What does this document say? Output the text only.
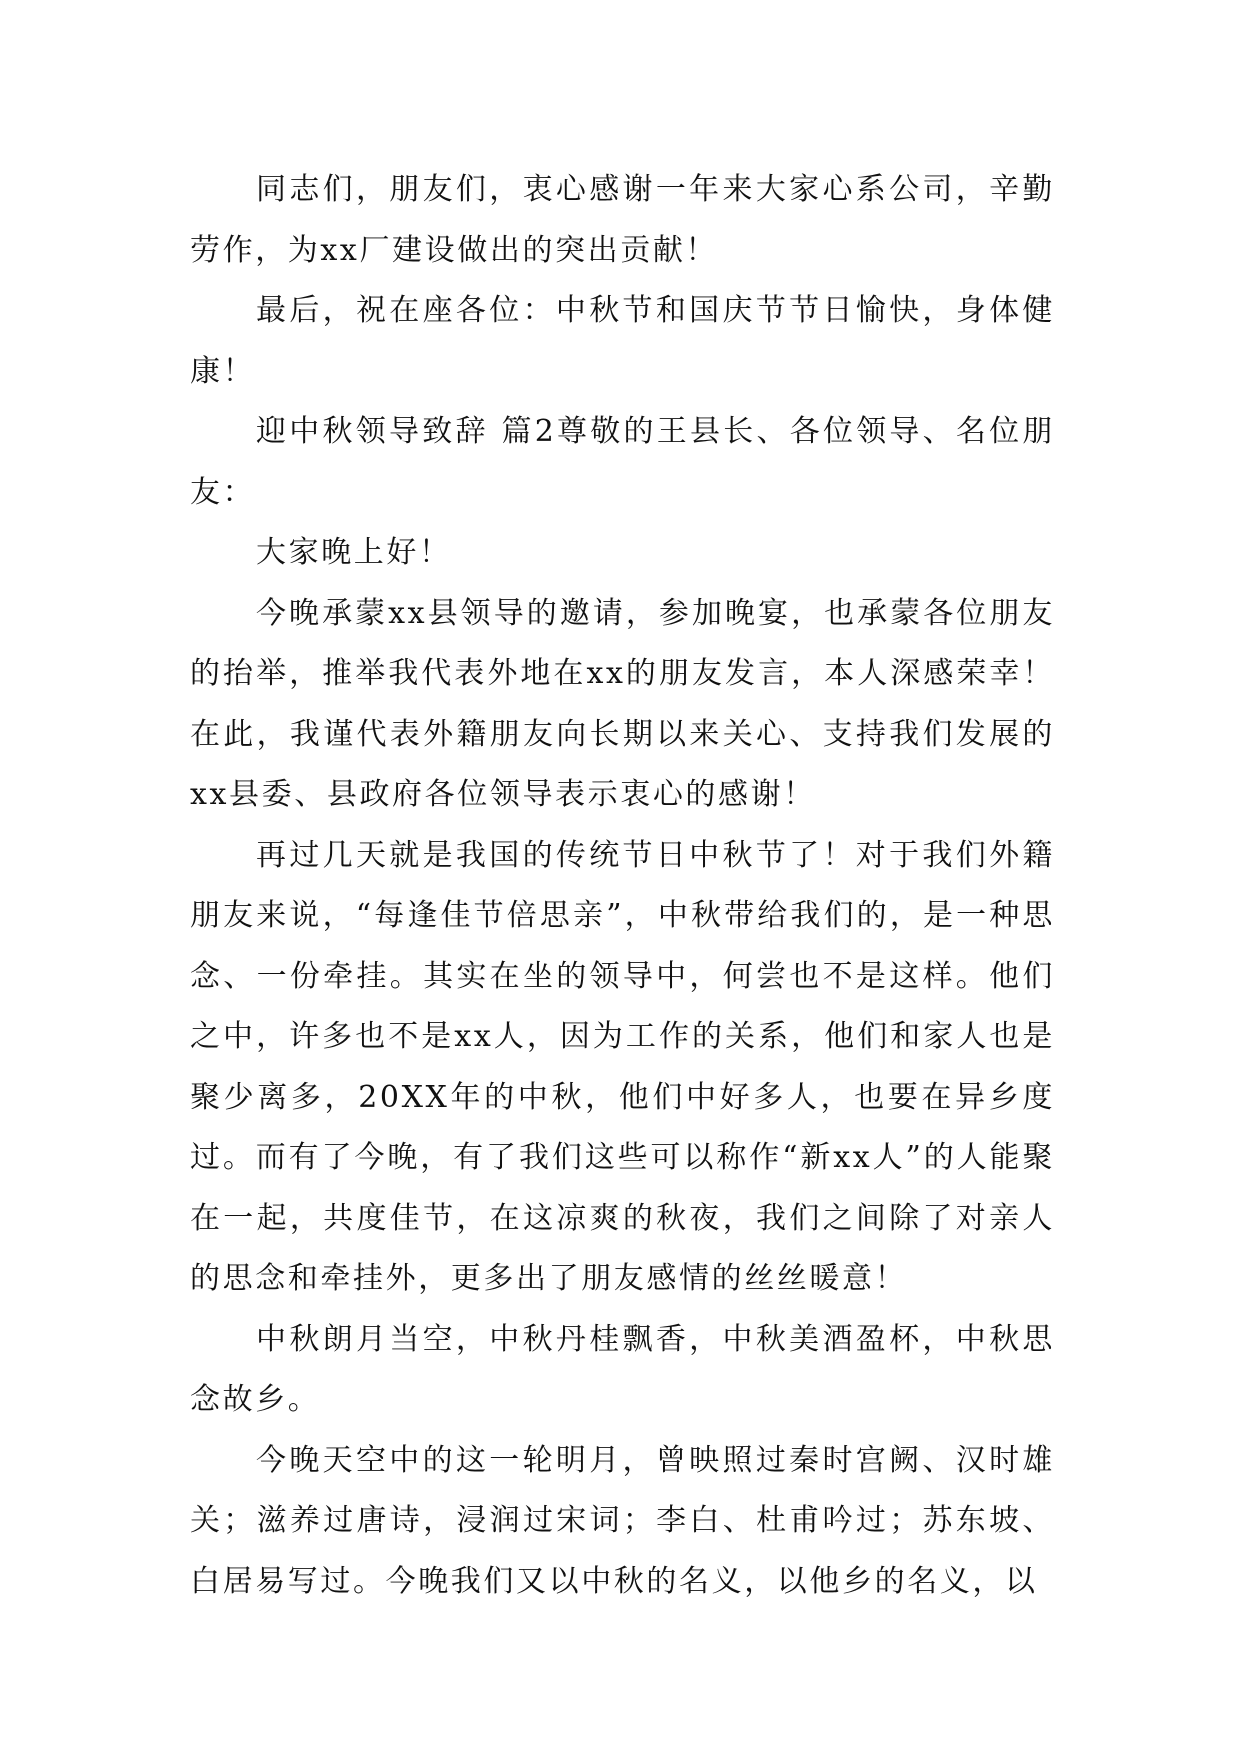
同志们，朋友们，衷心感谢一年来大家心系公司，辛勤劳作，为xx厂建设做出的突出贡献！

最后，祝在座各位：中秋节和国庆节节日愉快，身体健康！

迎中秋领导致辞 篇2尊敬的王县长、各位领导、名位朋友：

大家晚上好！

今晚承蒙xx县领导的邀请，参加晚宴，也承蒙各位朋友的抬举，推举我代表外地在xx的朋友发言，本人深感荣幸！在此，我谨代表外籍朋友向长期以来关心、支持我们发展的xx县委、县政府各位领导表示衷心的感谢！

再过几天就是我国的传统节日中秋节了！对于我们外籍朋友来说，“每逢佳节倍思亲”，中秋带给我们的，是一种思念、一份牵挂。其实在坐的领导中，何尝也不是这样。他们之中，许多也不是xx人，因为工作的关系，他们和家人也是聚少离多，20XX年的中秋，他们中好多人，也要在异乡度过。而有了今晚，有了我们这些可以称作“新xx人”的人能聚在一起，共度佳节，在这凉爽的秋夜，我们之间除了对亲人的思念和牵挂外，更多出了朋友感情的丝丝暖意！

中秋朗月当空，中秋丹桂飘香，中秋美酒盈杯，中秋思念故乡。

今晚天空中的这一轮明月，曾映照过秦时宫阙、汉时雄关；滋养过唐诗，浸润过宋词；李白、杜甫吟过；苏东坡、白居易写过。今晚我们又以中秋的名义，以他乡的名义，以
